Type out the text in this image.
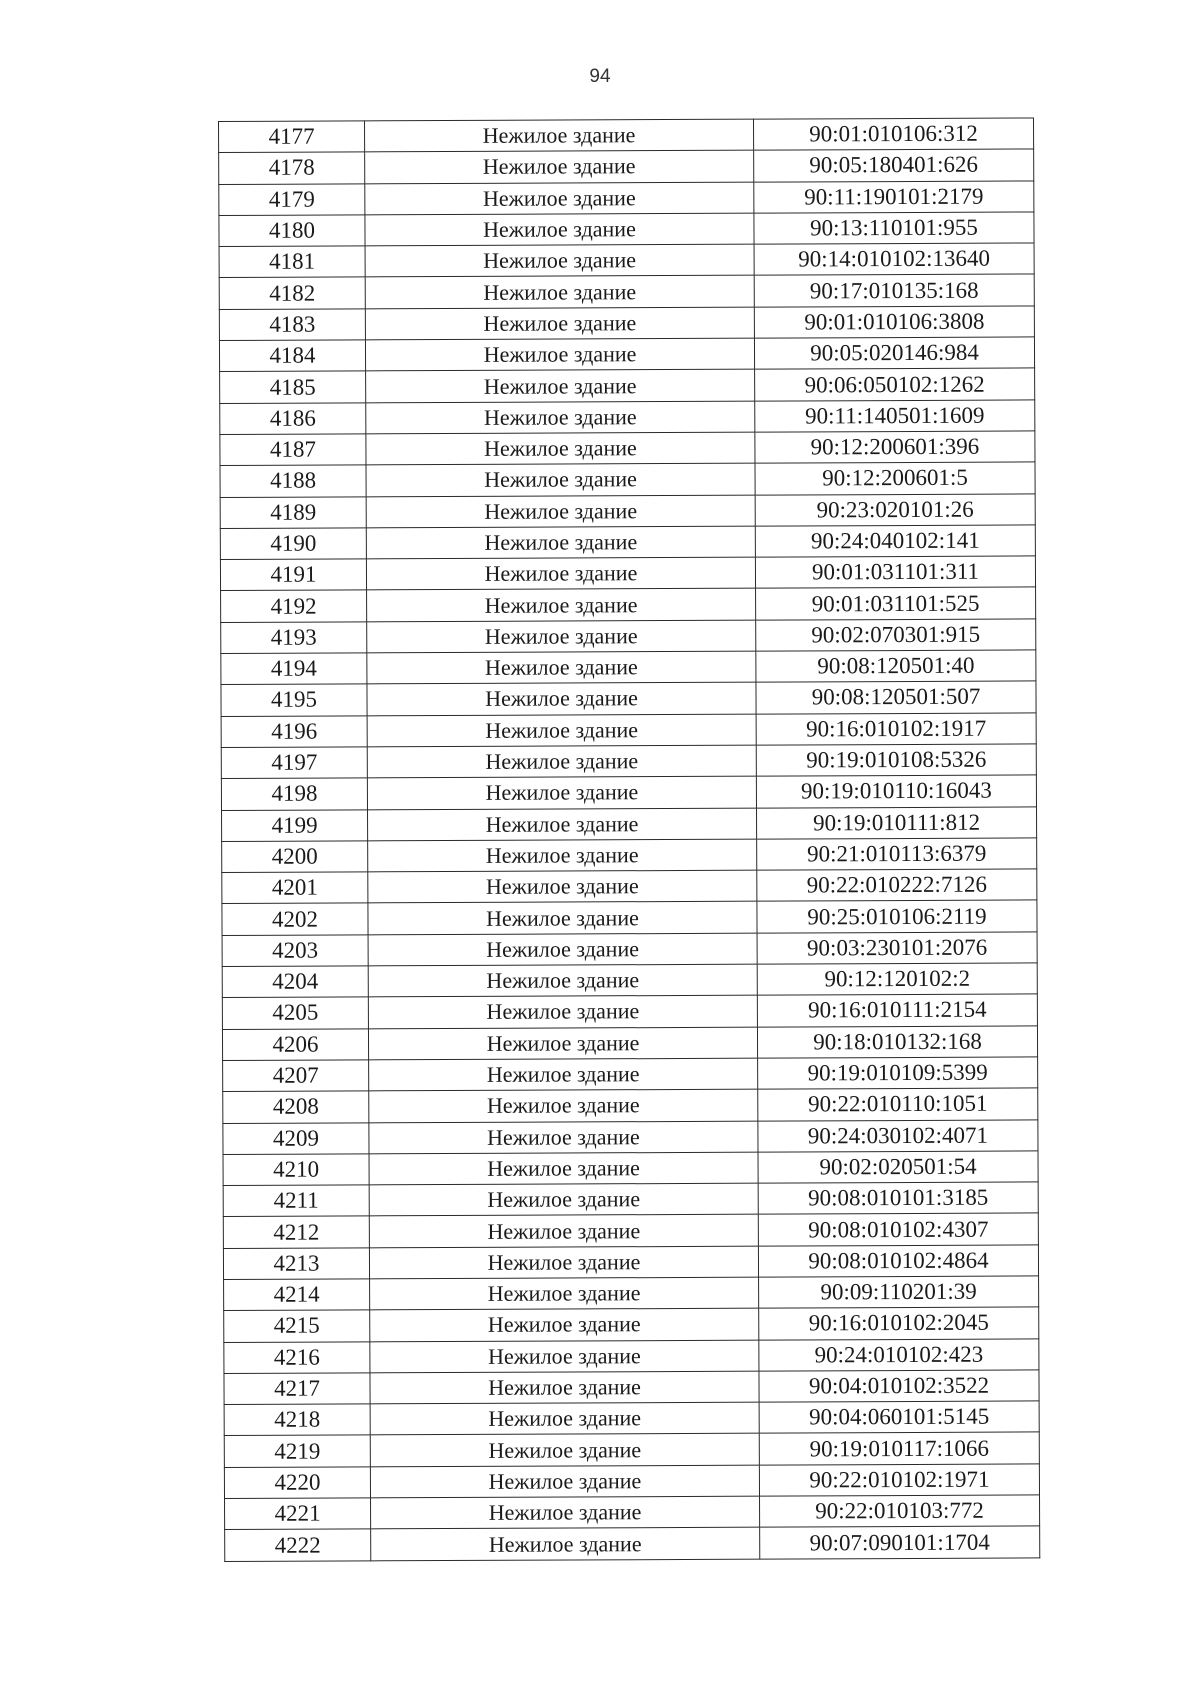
94
4177	Нежилое здание	90:01:010106:312
4178	Нежилое здание	90:05:180401:626
4179	Нежилое здание	90:11:190101:2179
4180	Нежилое здание	90:13:110101:955
4181	Нежилое здание	90:14:010102:13640
4182	Нежилое здание	90:17:010135:168
4183	Нежилое здание	90:01:010106:3808
4184	Нежилое здание	90:05:020146:984
4185	Нежилое здание	90:06:050102:1262
4186	Нежилое здание	90:11:140501:1609
4187	Нежилое здание	90:12:200601:396
4188	Нежилое здание	90:12:200601:5
4189	Нежилое здание	90:23:020101:26
4190	Нежилое здание	90:24:040102:141
4191	Нежилое здание	90:01:031101:311
4192	Нежилое здание	90:01:031101:525
4193	Нежилое здание	90:02:070301:915
4194	Нежилое здание	90:08:120501:40
4195	Нежилое здание	90:08:120501:507
4196	Нежилое здание	90:16:010102:1917
4197	Нежилое здание	90:19:010108:5326
4198	Нежилое здание	90:19:010110:16043
4199	Нежилое здание	90:19:010111:812
4200	Нежилое здание	90:21:010113:6379
4201	Нежилое здание	90:22:010222:7126
4202	Нежилое здание	90:25:010106:2119
4203	Нежилое здание	90:03:230101:2076
4204	Нежилое здание	90:12:120102:2
4205	Нежилое здание	90:16:010111:2154
4206	Нежилое здание	90:18:010132:168
4207	Нежилое здание	90:19:010109:5399
4208	Нежилое здание	90:22:010110:1051
4209	Нежилое здание	90:24:030102:4071
4210	Нежилое здание	90:02:020501:54
4211	Нежилое здание	90:08:010101:3185
4212	Нежилое здание	90:08:010102:4307
4213	Нежилое здание	90:08:010102:4864
4214	Нежилое здание	90:09:110201:39
4215	Нежилое здание	90:16:010102:2045
4216	Нежилое здание	90:24:010102:423
4217	Нежилое здание	90:04:010102:3522
4218	Нежилое здание	90:04:060101:5145
4219	Нежилое здание	90:19:010117:1066
4220	Нежилое здание	90:22:010102:1971
4221	Нежилое здание	90:22:010103:772
4222	Нежилое здание	90:07:090101:1704
